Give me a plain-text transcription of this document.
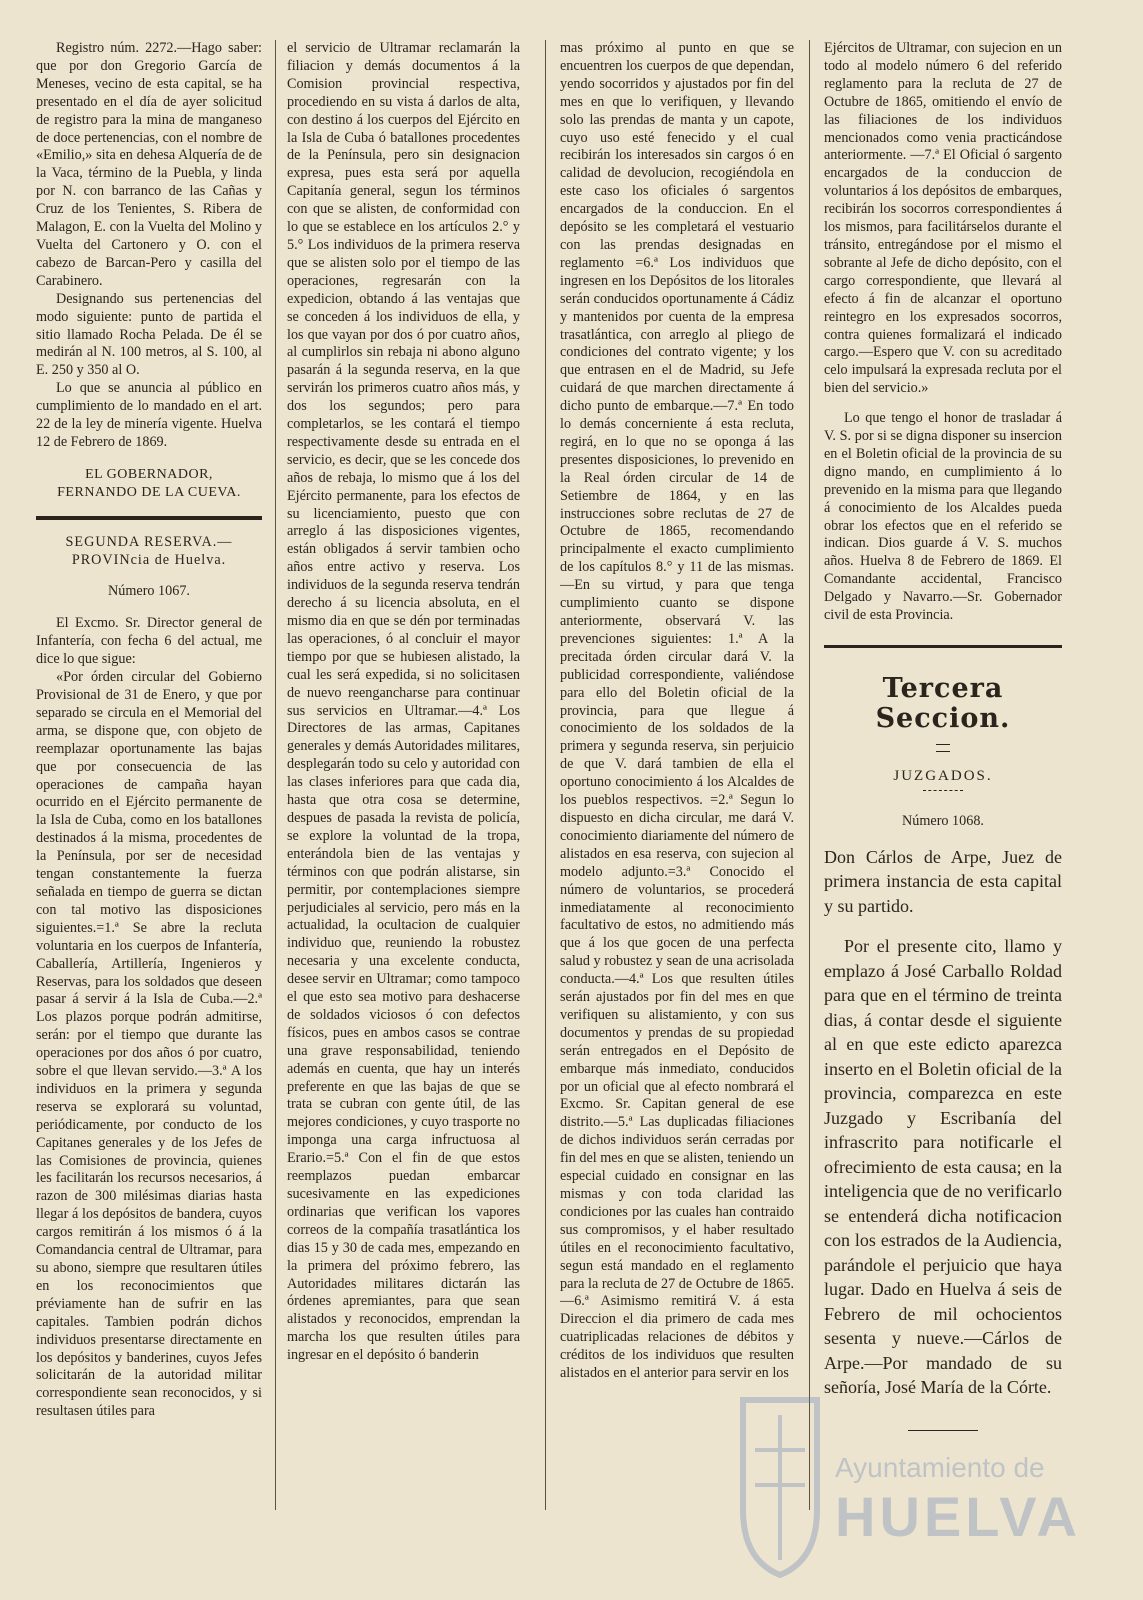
Registro núm. 2272.—Hago saber: que por don Gregorio García de Meneses, vecino de esta capital, se ha presentado en el día de ayer solicitud de registro para la mina de manganeso de doce pertenencias, con el nombre de «Emilio,» sita en dehesa Alquería de de la Vaca, término de la Puebla, y linda por N. con barranco de las Cañas y Cruz de los Tenientes, S. Ribera de Malagon, E. con la Vuelta del Molino y Vuelta del Cartonero y O. con el cabezo de Barcan-Pero y casilla del Carabinero.

Designando sus pertenencias del modo siguiente: punto de partida el sitio llamado Rocha Pelada. De él se medirán al N. 100 metros, al S. 100, al E. 250 y 350 al O.

Lo que se anuncia al público en cumplimiento de lo mandado en el art. 22 de la ley de minería vigente. Huelva 12 de Febrero de 1869.

EL GOBERNADOR,

FERNANDO DE LA CUEVA.

SEGUNDA RESERVA.—PROVINcia de Huelva.

Número 1067.

El Excmo. Sr. Director general de Infantería, con fecha 6 del actual, me dice lo que sigue:

«Por órden circular del Gobierno Provisional de 31 de Enero, y que por separado se circula en el Memorial del arma, se dispone que, con objeto de reemplazar oportunamente las bajas que por consecuencia de las operaciones de campaña hayan ocurrido en el Ejército permanente de la Isla de Cuba, como en los batallones destinados á la misma, procedentes de la Península, por ser de necesidad tengan constantemente la fuerza señalada en tiempo de guerra se dictan con tal motivo las disposiciones siguientes.=1.ª Se abre la recluta voluntaria en los cuerpos de Infantería, Caballería, Artillería, Ingenieros y Reservas, para los soldados que deseen pasar á servir á la Isla de Cuba.—2.ª Los plazos porque podrán admitirse, serán: por el tiempo que durante las operaciones por dos años ó por cuatro, sobre el que llevan servido.—3.ª A los individuos en la primera y segunda reserva se explorará su voluntad, periódicamente, por conducto de los Capitanes generales y de los Jefes de las Comisiones de provincia, quienes les facilitarán los recursos necesarios, á razon de 300 milésimas diarias hasta llegar á los depósitos de bandera, cuyos cargos remitirán á los mismos ó á la Comandancia central de Ultramar, para su abono, siempre que resultaren útiles en los reconocimientos que préviamente han de sufrir en las capitales. Tambien podrán dichos individuos presentarse directamente en los depósitos y banderines, cuyos Jefes solicitarán de la autoridad militar correspondiente sean reconocidos, y si resultasen útiles para

el servicio de Ultramar reclamarán la filiacion y demás documentos á la Comision provincial respectiva, procediendo en su vista á darlos de alta, con destino á los cuerpos del Ejército en la Isla de Cuba ó batallones procedentes de la Península, pero sin designacion expresa, pues esta será por aquella Capitanía general, segun los términos con que se alisten, de conformidad con lo que se establece en los artículos 2.° y 5.° Los individuos de la primera reserva que se alisten solo por el tiempo de las operaciones, regresarán con la expedicion, obtando á las ventajas que se conceden á los individuos de ella, y los que vayan por dos ó por cuatro años, al cumplirlos sin rebaja ni abono alguno pasarán á la segunda reserva, en la que servirán los primeros cuatro años más, y dos los segundos; pero para completarlos, se les contará el tiempo respectivamente desde su entrada en el servicio, es decir, que se les concede dos años de rebaja, lo mismo que á los del Ejército permanente, para los efectos de su licenciamiento, puesto que con arreglo á las disposiciones vigentes, están obligados á servir tambien ocho años entre activo y reserva. Los individuos de la segunda reserva tendrán derecho á su licencia absoluta, en el mismo dia en que se dén por terminadas las operaciones, ó al concluir el mayor tiempo por que se hubiesen alistado, la cual les será expedida, si no solicitasen de nuevo reengancharse para continuar sus servicios en Ultramar.—4.ª Los Directores de las armas, Capitanes generales y demás Autoridades militares, desplegarán todo su celo y autoridad con las clases inferiores para que cada dia, hasta que otra cosa se determine, despues de pasada la revista de policía, se explore la voluntad de la tropa, enterándola bien de las ventajas y términos con que podrán alistarse, sin permitir, por contemplaciones siempre perjudiciales al servicio, pero más en la actualidad, la ocultacion de cualquier individuo que, reuniendo la robustez necesaria y una excelente conducta, desee servir en Ultramar; como tampoco el que esto sea motivo para deshacerse de soldados viciosos ó con defectos físicos, pues en ambos casos se contrae una grave responsabilidad, teniendo además en cuenta, que hay un interés preferente en que las bajas de que se trata se cubran con gente útil, de las mejores condiciones, y cuyo trasporte no imponga una carga infructuosa al Erario.=5.ª Con el fin de que estos reemplazos puedan embarcar sucesivamente en las expediciones ordinarias que verifican los vapores correos de la compañía trasatlántica los dias 15 y 30 de cada mes, empezando en la primera del próximo febrero, las Autoridades militares dictarán las órdenes apremiantes, para que sean alistados y reconocidos, emprendan la marcha los que resulten útiles para ingresar en el depósito ó banderin

mas próximo al punto en que se encuentren los cuerpos de que dependan, yendo socorridos y ajustados por fin del mes en que lo verifiquen, y llevando solo las prendas de manta y un capote, cuyo uso esté fenecido y el cual recibirán los interesados sin cargos ó en calidad de devolucion, recogiéndola en este caso los oficiales ó sargentos encargados de la conduccion. En el depósito se les completará el vestuario con las prendas designadas en reglamento =6.ª Los individuos que ingresen en los Depósitos de los litorales serán conducidos oportunamente á Cádiz y mantenidos por cuenta de la empresa trasatlántica, con arreglo al pliego de condiciones del contrato vigente; y los que entrasen en el de Madrid, su Jefe cuidará de que marchen directamente á dicho punto de embarque.—7.ª En todo lo demás concerniente á esta recluta, regirá, en lo que no se oponga á las presentes disposiciones, lo prevenido en la Real órden circular de 14 de Setiembre de 1864, y en las instrucciones sobre reclutas de 27 de Octubre de 1865, recomendando principalmente el exacto cumplimiento de los capítulos 8.° y 11 de las mismas.—En su virtud, y para que tenga cumplimiento cuanto se dispone anteriormente, observará V. las prevenciones siguientes: 1.ª A la precitada órden circular dará V. la publicidad correspondiente, valiéndose para ello del Boletin oficial de la provincia, para que llegue á conocimiento de los soldados de la primera y segunda reserva, sin perjuicio de que V. dará tambien de ella el oportuno conocimiento á los Alcaldes de los pueblos respectivos. =2.ª Segun lo dispuesto en dicha circular, me dará V. conocimiento diariamente del número de alistados en esa reserva, con sujecion al modelo adjunto.=3.ª Conocido el número de voluntarios, se procederá inmediatamente al reconocimiento facultativo de estos, no admitiendo más que á los que gocen de una perfecta salud y robustez y sean de una acrisolada conducta.—4.ª Los que resulten útiles serán ajustados por fin del mes en que verifiquen su alistamiento, y con sus documentos y prendas de su propiedad serán entregados en el Depósito de embarque más inmediato, conducidos por un oficial que al efecto nombrará el Excmo. Sr. Capitan general de ese distrito.—5.ª Las duplicadas filiaciones de dichos individuos serán cerradas por fin del mes en que se alisten, teniendo un especial cuidado en consignar en las mismas y con toda claridad las condiciones por las cuales han contraido sus compromisos, y el haber resultado útiles en el reconocimiento facultativo, segun está mandado en el reglamento para la recluta de 27 de Octubre de 1865.—6.ª Asimismo remitirá V. á esta Direccion el dia primero de cada mes cuatriplicadas relaciones de débitos y créditos de los individuos que resulten alistados en el anterior para servir en los

Ejércitos de Ultramar, con sujecion en un todo al modelo número 6 del referido reglamento para la recluta de 27 de Octubre de 1865, omitiendo el envío de las filiaciones de los individuos mencionados como venia practicándose anteriormente. —7.ª El Oficial ó sargento encargados de la conduccion de voluntarios á los depósitos de embarques, recibirán los socorros correspondientes á los mismos, para facilitárselos durante el tránsito, entregándose por el mismo el sobrante al Jefe de dicho depósito, con el cargo correspondiente, que llevará al efecto á fin de alcanzar el oportuno reintegro en los expresados socorros, contra quienes formalizará el indicado cargo.—Espero que V. con su acreditado celo impulsará la expresada recluta por el bien del servicio.»

Lo que tengo el honor de trasladar á V. S. por si se digna disponer su insercion en el Boletin oficial de la provincia de su digno mando, en cumplimiento á lo prevenido en la misma para que llegando á conocimiento de los Alcaldes pueda obrar los efectos que en el referido se indican. Dios guarde á V. S. muchos años. Huelva 8 de Febrero de 1869. El Comandante accidental, Francisco Delgado y Navarro.—Sr. Gobernador civil de esta Provincia.

Tercera Seccion.
JUZGADOS.

Número 1068.

Don Cárlos de Arpe, Juez de primera instancia de esta capital y su partido.

Por el presente cito, llamo y emplazo á José Carballo Roldad para que en el término de treinta dias, á contar desde el siguiente al en que este edicto aparezca inserto en el Boletin oficial de la provincia, comparezca en este Juzgado y Escribanía del infrascrito para notificarle el ofrecimiento de esta causa; en la inteligencia que de no verificarlo se entenderá dicha notificacion con los estrados de la Audiencia, parándole el perjuicio que haya lugar. Dado en Huelva á seis de Febrero de mil ochocientos sesenta y nueve.—Cárlos de Arpe.—Por mandado de su señoría, José María de la Córte.

Ayuntamiento de
HUELVA
